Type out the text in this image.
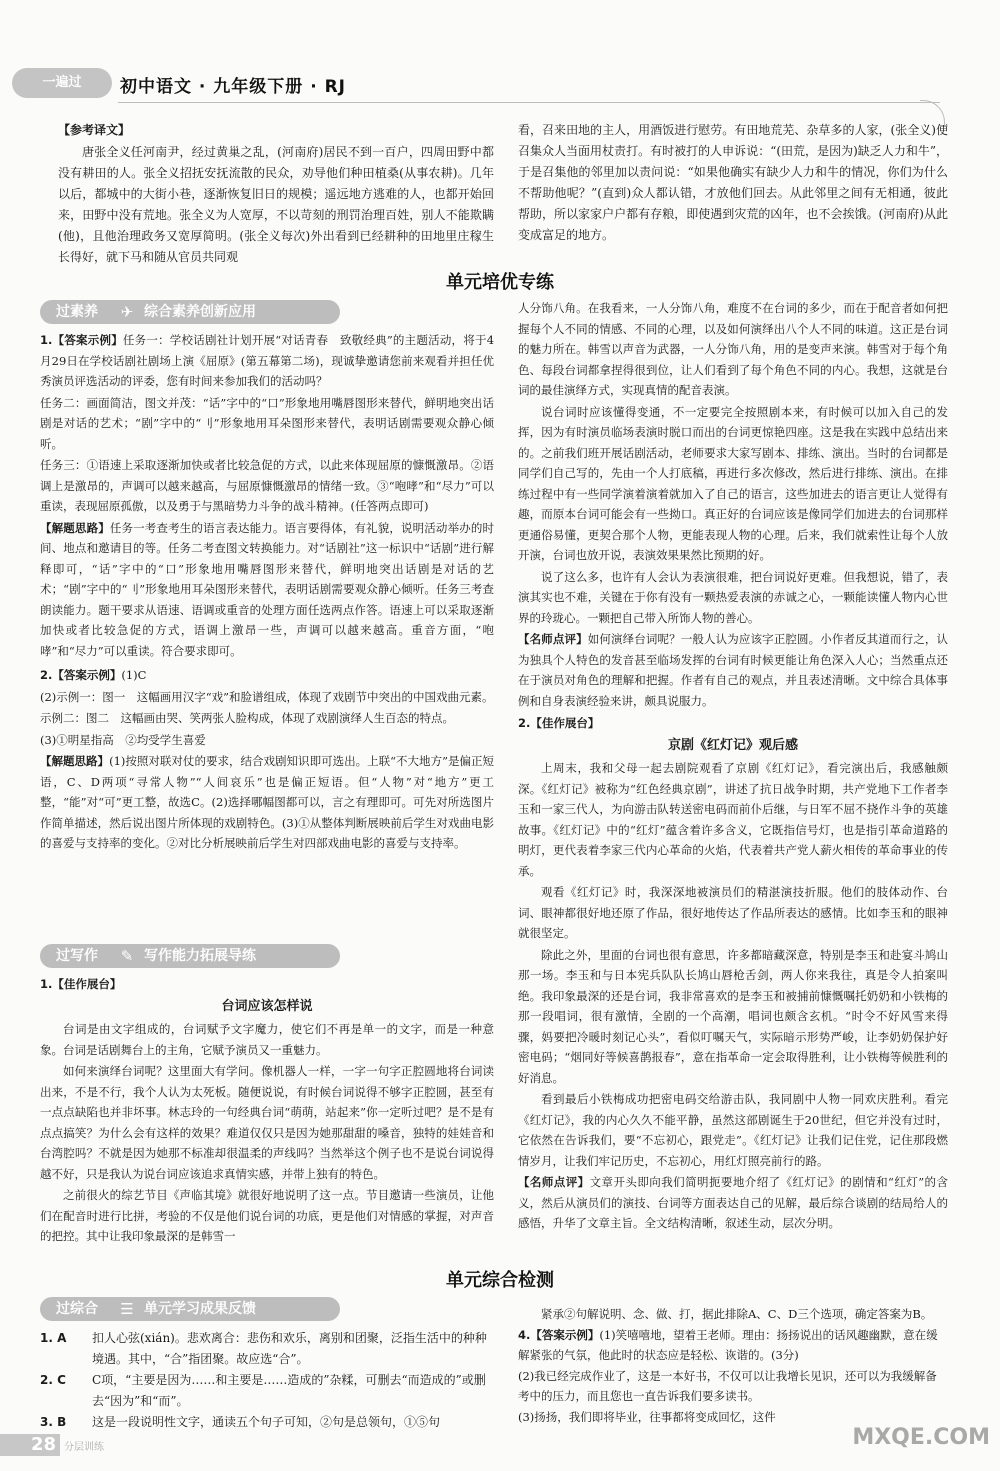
一遍过	初中语文 · 九年级下册 · RJ

【参考译文】

唐张全义任河南尹，经过黄巢之乱，(河南府)居民不到一百户，四周田野中都没有耕田的人。张全义招抚安抚流散的民众，劝导他们种田植桑(从事农耕)。几年以后，都城中的大街小巷，逐渐恢复旧日的规模；遥远地方逃难的人，也都开始回来，田野中没有荒地。张全义为人宽厚，不以苛刻的刑罚治理百姓，别人不能欺瞒(他)，且他治理政务又宽厚简明。(张全义每次)外出看到已经耕种的田地里庄稼生长得好，就下马和随从官员共同观

看，召来田地的主人，用酒饭进行慰劳。有田地荒芜、杂草多的人家，(张全义)便召集众人当面用杖责打。有时被打的人申诉说：“(田荒，是因为)缺乏人力和牛”，于是召集他的邻里加以责问说：“如果他确实有缺少人力和牛的情况，你们为什么不帮助他呢？”(直到)众人都认错，才放他们回去。从此邻里之间有无相通，彼此帮助，所以家家户户都有存粮，即使遇到灾荒的凶年，也不会挨饿。(河南府)从此变成富足的地方。

单元培优专练
过素养 ✈ 综合素养创新应用

1.【答案示例】任务一：学校话剧社计划开展“对话青春　致敬经典”的主题活动，将于4月29日在学校话剧社剧场上演《屈原》(第五幕第二场)，现诚挚邀请您前来观看并担任优秀演员评选活动的评委，您有时间来参加我们的活动吗？

任务二：画面简洁，图文并茂：“话”字中的“口”形象地用嘴唇图形来替代，鲜明地突出话剧是对话的艺术；“剧”字中的“刂”形象地用耳朵图形来替代，表明话剧需要观众静心倾听。

任务三：①语速上采取逐渐加快或者比较急促的方式，以此来体现屈原的慷慨激昂。②语调上是激昂的，声调可以越来越高，与屈原慷慨激昂的情绪一致。③“咆哮”和“尽力”可以重读，表现屈原孤傲，以及勇于与黑暗势力斗争的战斗精神。(任答两点即可)

【解题思路】任务一考查考生的语言表达能力。语言要得体，有礼貌，说明活动举办的时间、地点和邀请目的等。任务二考查图文转换能力。对“话剧社”这一标识中“话剧”进行解释即可，“话”字中的“口”形象地用嘴唇图形来替代，鲜明地突出话剧是对话的艺术；“剧”字中的“刂”形象地用耳朵图形来替代，表明话剧需要观众静心倾听。任务三考查朗读能力。题干要求从语速、语调或重音的处理方面任选两点作答。语速上可以采取逐渐加快或者比较急促的方式，语调上激昂一些，声调可以越来越高。重音方面，“咆哮”和“尽力”可以重读。符合要求即可。

2.【答案示例】(1)C

(2)示例一：图一　这幅画用汉字“戏”和脸谱组成，体现了戏剧节中突出的中国戏曲元素。

示例二：图二　这幅画由哭、笑两张人脸构成，体现了戏剧演绎人生百态的特点。

(3)①明星指高　②均受学生喜爱

【解题思路】(1)按照对联对仗的要求，结合戏剧知识即可选出。上联“不大地方”是偏正短语，C、D两项“寻常人物”“人间哀乐”也是偏正短语。但“人物”对“地方”更工整，“能”对“可”更工整，故选C。(2)选择哪幅图都可以，言之有理即可。可先对所选图片作简单描述，然后说出图片所体现的戏剧特色。(3)①从整体判断展映前后学生对戏曲电影的喜爱与支持率的变化。②对比分析展映前后学生对四部戏曲电影的喜爱与支持率。

过写作 ✎ 写作能力拓展导练

1.【佳作展台】

台词应该怎样说

台词是由文字组成的，台词赋予文字魔力，使它们不再是单一的文字，而是一种意象。台词是话剧舞台上的主角，它赋予演员又一重魅力。

如何来演绎台词呢？这里面大有学问。像机器人一样，一字一句字正腔圆地将台词读出来，不是不行，我个人认为太死板。随便说说，有时候台词说得不够字正腔圆，甚至有一点点缺陷也并非坏事。林志玲的一句经典台词“萌萌，站起来”你一定听过吧？是不是有点点搞笑？为什么会有这样的效果？难道仅仅只是因为她那甜甜的嗓音，独特的娃娃音和台湾腔吗？不就是因为她那不标准却很温柔的声线吗？当然举这个例子也不是说台词说得越不好，只是我认为说台词应该追求真情实感，并带上独有的特色。

之前很火的综艺节目《声临其境》就很好地说明了这一点。节目邀请一些演员，让他们在配音时进行比拼，考验的不仅是他们说台词的功底，更是他们对情感的掌握，对声音的把控。其中让我印象最深的是韩雪一

人分饰八角。在我看来，一人分饰八角，难度不在台词的多少，而在于配音者如何把握每个人不同的情感、不同的心理，以及如何演绎出八个人不同的味道。这正是台词的魅力所在。韩雪以声音为武器，一人分饰八角，用的是变声来演。韩雪对于每个角色、每段台词都拿捏得很到位，让人们看到了每个角色不同的内心。我想，这就是台词的最佳演绎方式，实现真情的配音表演。

说台词时应该懂得变通，不一定要完全按照剧本来，有时候可以加入自己的发挥，因为有时演员临场表演时脱口而出的台词更惊艳四座。这是我在实践中总结出来的。之前我们班开展话剧活动，老师要求大家写剧本、排练、演出。当时的台词都是同学们自己写的，先由一个人打底稿，再进行多次修改，然后进行排练、演出。在排练过程中有一些同学演着演着就加入了自己的语言，这些加进去的语言更让人觉得有趣，而原本台词可能会有一些拗口。真正好的台词应该是像同学们加进去的台词那样更通俗易懂，更契合那个人物，更能表现人物的心理。后来，我们就索性让每个人放开演，台词也放开说，表演效果果然比预期的好。

说了这么多，也许有人会认为表演很难，把台词说好更难。但我想说，错了，表演其实也不难，关键在于你有没有一颗热爱表演的赤诚之心，一颗能读懂人物内心世界的玲珑心。一颗把自己带入所饰人物的善心。

【名师点评】如何演绎台词呢？一般人认为应该字正腔圆。小作者反其道而行之，认为独具个人特色的发音甚至临场发挥的台词有时候更能让角色深入人心；当然重点还在于演员对角色的理解和把握。作者有自己的观点，并且表述清晰。文中综合具体事例和自身表演经验来讲，颇具说服力。

2.【佳作展台】

京剧《红灯记》观后感

上周末，我和父母一起去剧院观看了京剧《红灯记》，看完演出后，我感触颇深。《红灯记》被称为“红色经典京剧”，讲述了抗日战争时期，共产党地下工作者李玉和一家三代人，为向游击队转送密电码而前仆后继，与日军不屈不挠作斗争的英雄故事。《红灯记》中的“红灯”蕴含着许多含义，它既指信号灯，也是指引革命道路的明灯，更代表着李家三代内心革命的火焰，代表着共产党人薪火相传的革命事业的传承。

观看《红灯记》时，我深深地被演员们的精湛演技折服。他们的肢体动作、台词、眼神都很好地还原了作品，很好地传达了作品所表达的感情。比如李玉和的眼神就很坚定。

除此之外，里面的台词也很有意思，许多都暗藏深意，特别是李玉和赴宴斗鸠山那一场。李玉和与日本宪兵队队长鸠山唇枪舌剑，两人你来我往，真是令人拍案叫绝。我印象最深的还是台词，我非常喜欢的是李玉和被捕前慷慨嘱托奶奶和小铁梅的那一段唱词，很有激情，全剧的一个高潮，唱词也颇含玄机。“时令不好风雪来得骤，妈要把冷暖时刻记心头”，看似叮嘱天气，实际暗示形势严峻，让李奶奶保护好密电码；“烟同好等候喜鹊报春”，意在指革命一定会取得胜利，让小铁梅等候胜利的好消息。

看到最后小铁梅成功把密电码交给游击队，我同剧中人物一同欢庆胜利。看完《红灯记》，我的内心久久不能平静，虽然这部剧诞生于20世纪，但它并没有过时，它依然在告诉我们，要“不忘初心，跟党走”。《红灯记》让我们记住党，记住那段燃情岁月，让我们牢记历史，不忘初心，用红灯照亮前行的路。

【名师点评】文章开头即向我们简明扼要地介绍了《红灯记》的剧情和“红灯”的含义，然后从演员们的演技、台词等方面表达自己的见解，最后综合谈剧的结局给人的感悟，升华了文章主旨。全文结构清晰，叙述生动，层次分明。

单元综合检测
过综合 ☰ 单元学习成果反馈
1. A	扣人心弦(xián)。悲欢离合：悲伤和欢乐，离别和团聚，泛指生活中的种种境遇。其中，“合”指团聚。故应选“合”。
2. C	C项，“主要是因为……和主要是……造成的”杂糅，可删去“而造成的”或删去“因为”和“而”。
3. B	这是一段说明性文字，通读五个句子可知，②句是总领句，①⑤句

紧承②句解说明、念、做、打，据此排除A、C、D三个选项，确定答案为B。

4.【答案示例】(1)笑嘻嘻地，望着王老师。理由：扬扬说出的话风趣幽默，意在缓解紧张的气氛，他此时的状态应是轻松、诙谐的。(3分)

(2)我已经完成作业了，这是一本好书，不仅可以让我增长见识，还可以为我缓解备考中的压力，而且您也一直告诉我们要多读书。

(3)扬扬，我们即将毕业，往事都将变成回忆，这件

28 分层训练	MXQE.COM
